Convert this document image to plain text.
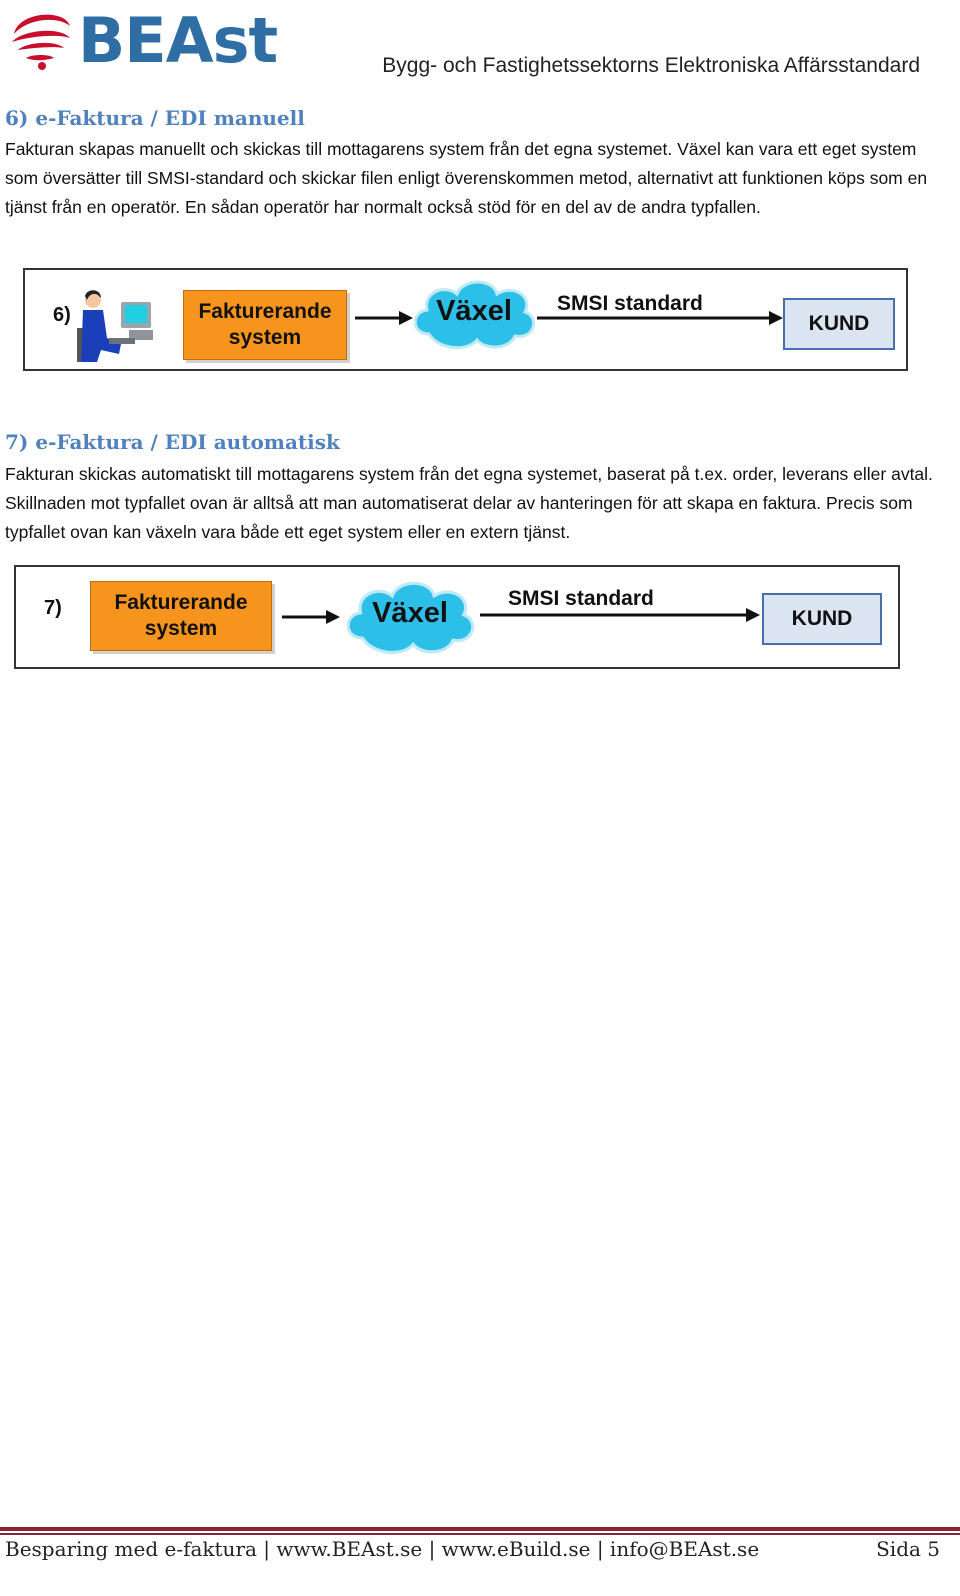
BEAst	Bygg- och Fastighetssektorns Elektroniska Affärsstandard
6) e-Faktura / EDI manuell
Fakturan skapas manuellt och skickas till mottagarens system från det egna systemet. Växel kan vara ett eget system som översätter till SMSI-standard och skickar filen enligt överenskommen metod, alternativt att funktionen köps som en tjänst från en operatör. En sådan operatör har normalt också stöd för en del av de andra typfallen.
6)	Fakturerande
system
Växel	SMSI standard
KUND
7) e-Faktura / EDI automatisk
Fakturan skickas automatiskt till mottagarens system från det egna systemet, baserat på t.ex. order, leverans eller avtal. Skillnaden mot typfallet ovan är alltså att man automatiserat delar av hanteringen för att skapa en faktura. Precis som typfallet ovan kan växeln vara både ett eget system eller en extern tjänst.
7)	Fakturerande
system	Växel	SMSI standard
KUND
Besparing med e-faktura | www.BEAst.se | www.eBuild.se | info@BEAst.se	Sida 5
